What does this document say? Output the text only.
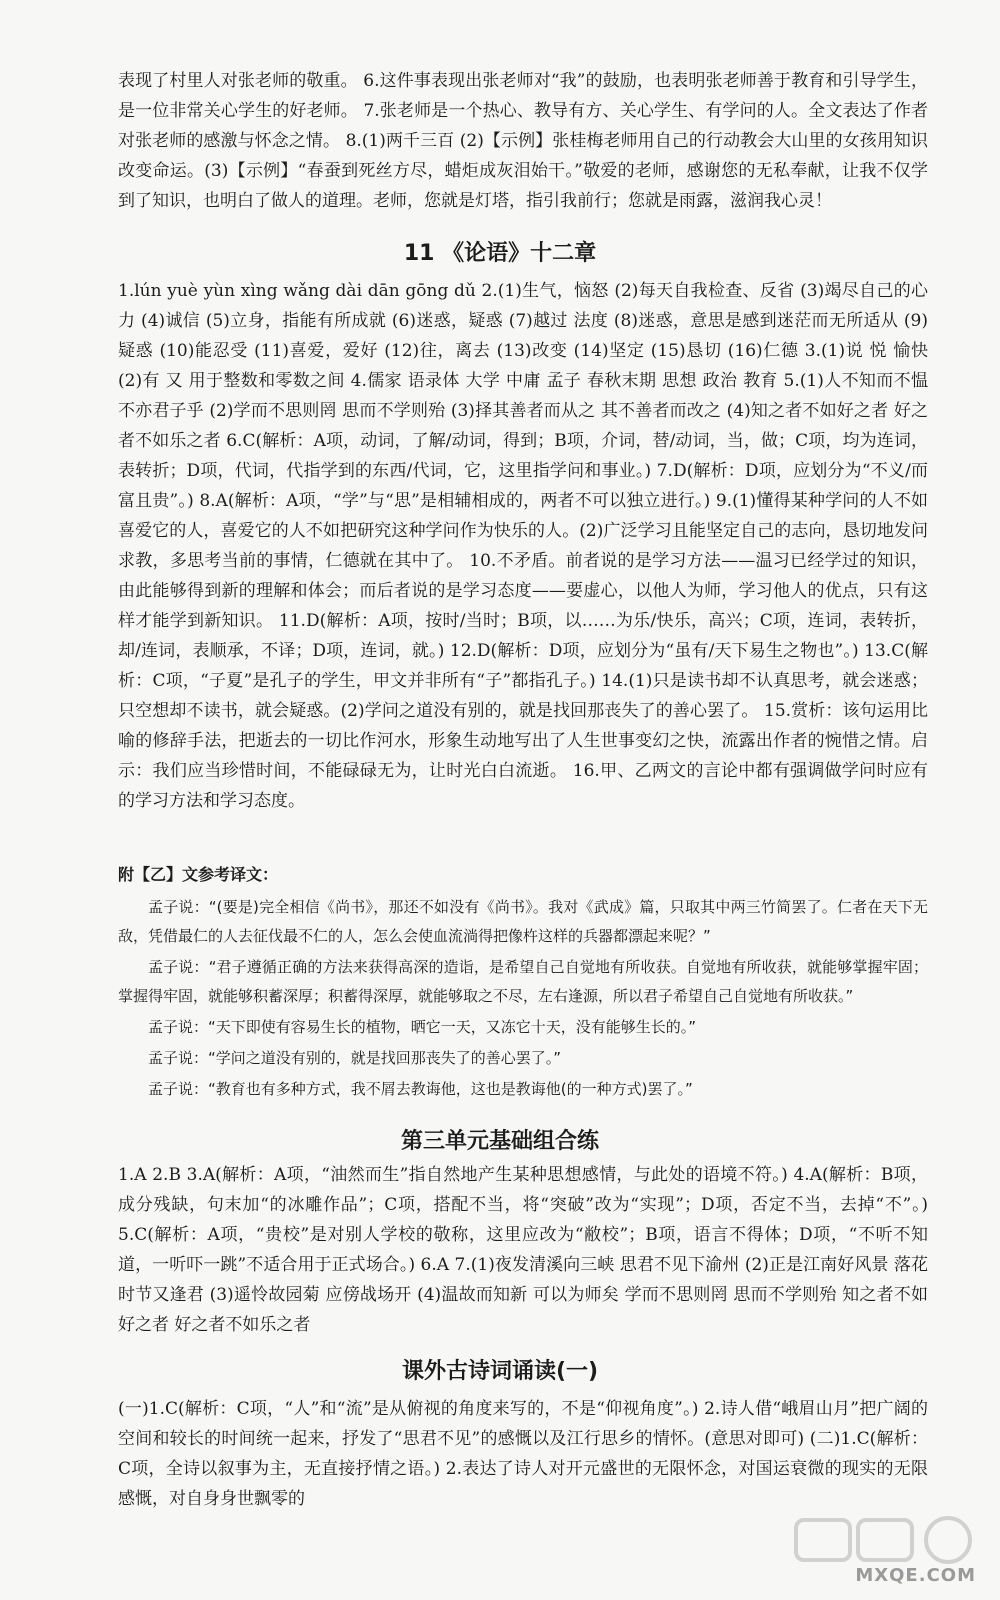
表现了村里人对张老师的敬重。 6.这件事表现出张老师对“我”的鼓励，也表明张老师善于教育和引导学生，是一位非常关心学生的好老师。 7.张老师是一个热心、教导有方、关心学生、有学问的人。全文表达了作者对张老师的感激与怀念之情。 8.(1)两千三百 (2)【示例】张桂梅老师用自己的行动教会大山里的女孩用知识改变命运。(3)【示例】“春蚕到死丝方尽，蜡炬成灰泪始干。”敬爱的老师，感谢您的无私奉献，让我不仅学到了知识，也明白了做人的道理。老师，您就是灯塔，指引我前行；您就是雨露，滋润我心灵！

11 《论语》十二章

1.lún yuè yùn xìng wǎng dài dān gōng dǔ 2.(1)生气，恼怒 (2)每天自我检查、反省 (3)竭尽自己的心力 (4)诚信 (5)立身，指能有所成就 (6)迷惑，疑惑 (7)越过 法度 (8)迷惑，意思是感到迷茫而无所适从 (9)疑惑 (10)能忍受 (11)喜爱，爱好 (12)往，离去 (13)改变 (14)坚定 (15)恳切 (16)仁德 3.(1)说 悦 愉快 (2)有 又 用于整数和零数之间 4.儒家 语录体 大学 中庸 孟子 春秋末期 思想 政治 教育 5.(1)人不知而不愠 不亦君子乎 (2)学而不思则罔 思而不学则殆 (3)择其善者而从之 其不善者而改之 (4)知之者不如好之者 好之者不如乐之者 6.C(解析：A项，动词，了解/动词，得到；B项，介词，替/动词，当，做；C项，均为连词，表转折；D项，代词，代指学到的东西/代词，它，这里指学问和事业。) 7.D(解析：D项，应划分为“不义/而富且贵”。) 8.A(解析：A项，“学”与“思”是相辅相成的，两者不可以独立进行。) 9.(1)懂得某种学问的人不如喜爱它的人，喜爱它的人不如把研究这种学问作为快乐的人。(2)广泛学习且能坚定自己的志向，恳切地发问求教，多思考当前的事情，仁德就在其中了。 10.不矛盾。前者说的是学习方法——温习已经学过的知识，由此能够得到新的理解和体会；而后者说的是学习态度——要虚心，以他人为师，学习他人的优点，只有这样才能学到新知识。 11.D(解析：A项，按时/当时；B项，以……为乐/快乐，高兴；C项，连词，表转折，却/连词，表顺承，不译；D项，连词，就。) 12.D(解析：D项，应划分为“虽有/天下易生之物也”。) 13.C(解析：C项，“子夏”是孔子的学生，甲文并非所有“子”都指孔子。) 14.(1)只是读书却不认真思考，就会迷惑；只空想却不读书，就会疑惑。(2)学问之道没有别的，就是找回那丧失了的善心罢了。 15.赏析：该句运用比喻的修辞手法，把逝去的一切比作河水，形象生动地写出了人生世事变幻之快，流露出作者的惋惜之情。启示：我们应当珍惜时间，不能碌碌无为，让时光白白流逝。 16.甲、乙两文的言论中都有强调做学问时应有的学习方法和学习态度。

附【乙】文参考译文：

孟子说：“(要是)完全相信《尚书》，那还不如没有《尚书》。我对《武成》篇，只取其中两三竹简罢了。仁者在天下无敌，凭借最仁的人去征伐最不仁的人，怎么会使血流淌得把像杵这样的兵器都漂起来呢？”

孟子说：“君子遵循正确的方法来获得高深的造诣，是希望自己自觉地有所收获。自觉地有所收获，就能够掌握牢固；掌握得牢固，就能够积蓄深厚；积蓄得深厚，就能够取之不尽，左右逢源，所以君子希望自己自觉地有所收获。”

孟子说：“天下即使有容易生长的植物，晒它一天，又冻它十天，没有能够生长的。”

孟子说：“学问之道没有别的，就是找回那丧失了的善心罢了。”

孟子说：“教育也有多种方式，我不屑去教诲他，这也是教诲他(的一种方式)罢了。”

第三单元基础组合练

1.A 2.B 3.A(解析：A项，“油然而生”指自然地产生某种思想感情，与此处的语境不符。) 4.A(解析：B项，成分残缺，句末加“的冰雕作品”；C项，搭配不当，将“突破”改为“实现”；D项，否定不当，去掉“不”。) 5.C(解析：A项，“贵校”是对别人学校的敬称，这里应改为“敝校”；B项，语言不得体；D项，“不听不知道，一听吓一跳”不适合用于正式场合。) 6.A 7.(1)夜发清溪向三峡 思君不见下渝州 (2)正是江南好风景 落花时节又逢君 (3)遥怜故园菊 应傍战场开 (4)温故而知新 可以为师矣 学而不思则罔 思而不学则殆 知之者不如好之者 好之者不如乐之者

课外古诗词诵读(一)

(一)1.C(解析：C项，“人”和“流”是从俯视的角度来写的，不是“仰视角度”。) 2.诗人借“峨眉山月”把广阔的空间和较长的时间统一起来，抒发了“思君不见”的感慨以及江行思乡的情怀。(意思对即可) (二)1.C(解析：C项，全诗以叙事为主，无直接抒情之语。) 2.表达了诗人对开元盛世的无限怀念，对国运衰微的现实的无限感慨，对自身身世飘零的

MXQE.COM
